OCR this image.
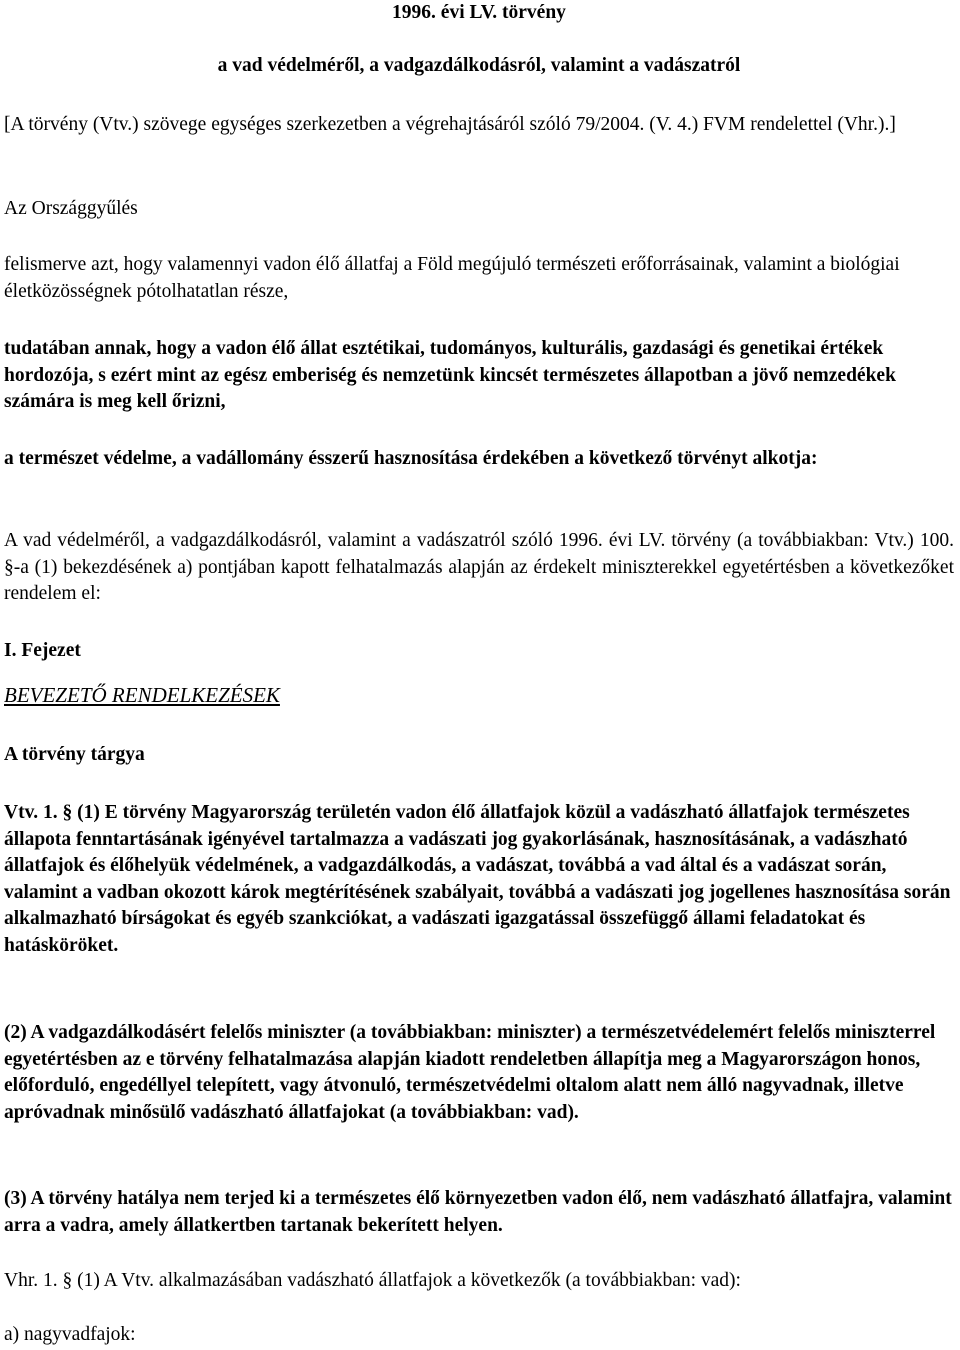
1996. évi LV. törvény

a vad védelméről, a vadgazdálkodásról, valamint a vadászatról

[A törvény (Vtv.) szövege egységes szerkezetben a végrehajtásáról szóló 79/2004. (V. 4.) FVM rendelettel (Vhr.).]

Az Országgyűlés

felismerve azt, hogy valamennyi vadon élő állatfaj a Föld megújuló természeti erőforrásainak, valamint a biológiai életközösségnek pótolhatatlan része,

tudatában annak, hogy a vadon élő állat esztétikai, tudományos, kulturális, gazdasági és genetikai értékek hordozója, s ezért mint az egész emberiség és nemzetünk kincsét természetes állapotban a jövő nemzedékek számára is meg kell őrizni,

a természet védelme, a vadállomány ésszerű hasznosítása érdekében a következő törvényt alkotja:

A vad védelméről, a vadgazdálkodásról, valamint a vadászatról szóló 1996. évi LV. törvény (a továbbiakban: Vtv.) 100. §-a (1) bekezdésének a) pontjában kapott felhatalmazás alapján az érdekelt miniszterekkel egyetértésben a következőket rendelem el:

I. Fejezet

BEVEZETŐ RENDELKEZÉSEK

A törvény tárgya

Vtv. 1. § (1) E törvény Magyarország területén vadon élő állatfajok közül a vadászható állatfajok természetes állapota fenntartásának igényével tartalmazza a vadászati jog gyakorlásának, hasznosításának, a vadászható állatfajok és élőhelyük védelmének, a vadgazdálkodás, a vadászat, továbbá a vad által és a vadászat során, valamint a vadban okozott károk megtérítésének szabályait, továbbá a vadászati jog jogellenes hasznosítása során alkalmazható bírságokat és egyéb szankciókat, a vadászati igazgatással összefüggő állami feladatokat és hatásköröket.

(2) A vadgazdálkodásért felelős miniszter (a továbbiakban: miniszter) a természetvédelemért felelős miniszterrel egyetértésben az e törvény felhatalmazása alapján kiadott rendeletben állapítja meg a Magyarországon honos, előforduló, engedéllyel telepített, vagy átvonuló, természetvédelmi oltalom alatt nem álló nagyvadnak, illetve apróvadnak minősülő vadászható állatfajokat (a továbbiakban: vad).

(3) A törvény hatálya nem terjed ki a természetes élő környezetben vadon élő, nem vadászható állatfajra, valamint arra a vadra, amely állatkertben tartanak bekerített helyen.

Vhr. 1. § (1) A Vtv. alkalmazásában vadászható állatfajok a következők (a továbbiakban: vad):

a) nagyvadfajok:
